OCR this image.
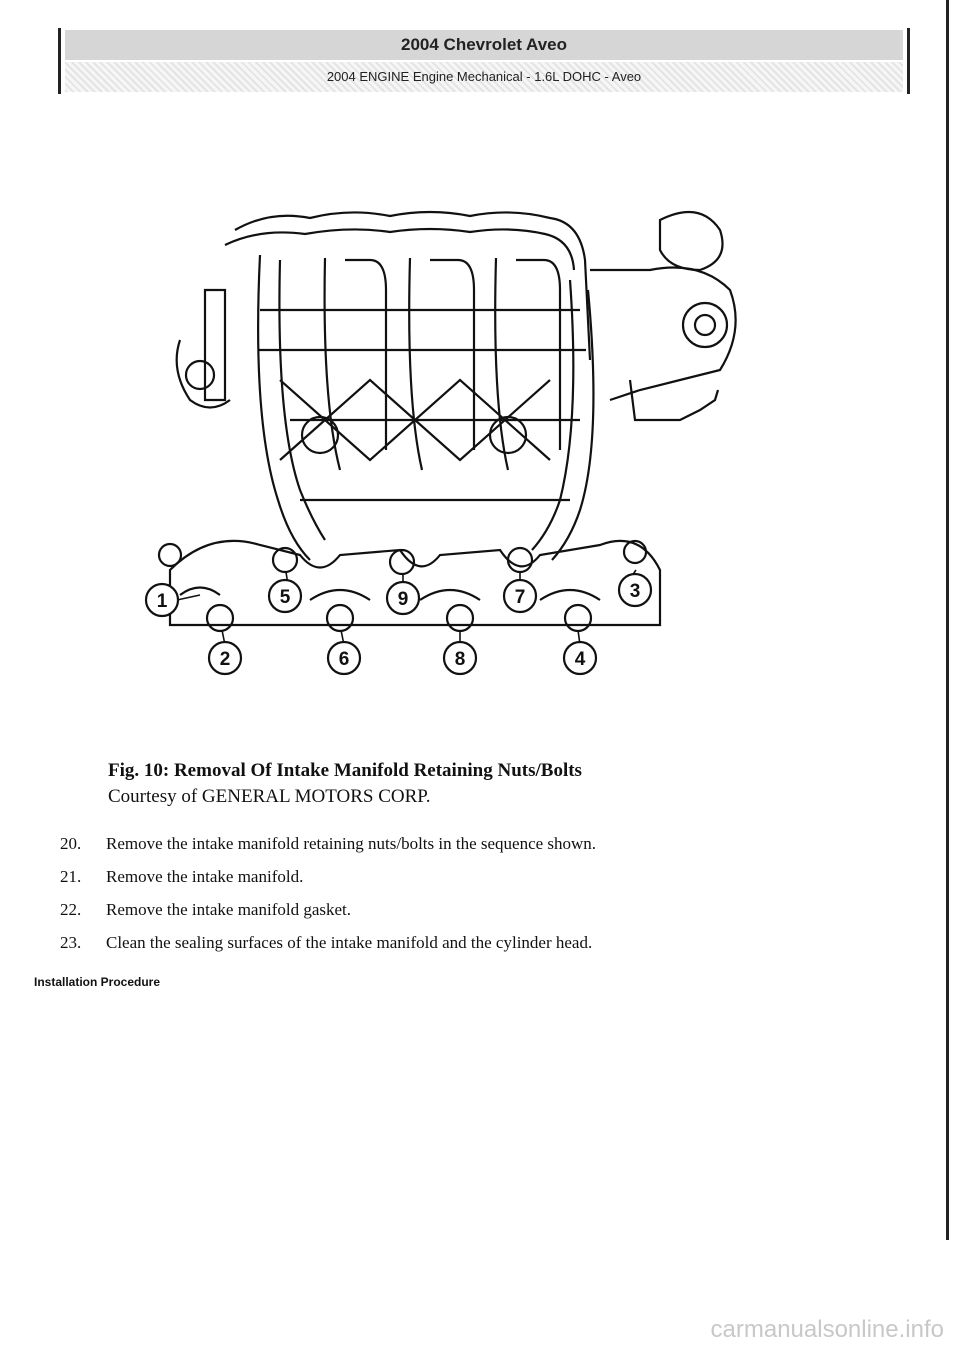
2004 Chevrolet Aveo
2004 ENGINE Engine Mechanical - 1.6L DOHC - Aveo
1
2
3
4
5
6
7
8
9
Fig. 10: Removal Of Intake Manifold Retaining Nuts/Bolts
Courtesy of GENERAL MOTORS CORP.
20.	Remove the intake manifold retaining nuts/bolts in the sequence shown.
21.	Remove the intake manifold.
22.	Remove the intake manifold gasket.
23.	Clean the sealing surfaces of the intake manifold and the cylinder head.
Installation Procedure
carmanualsonline.info
